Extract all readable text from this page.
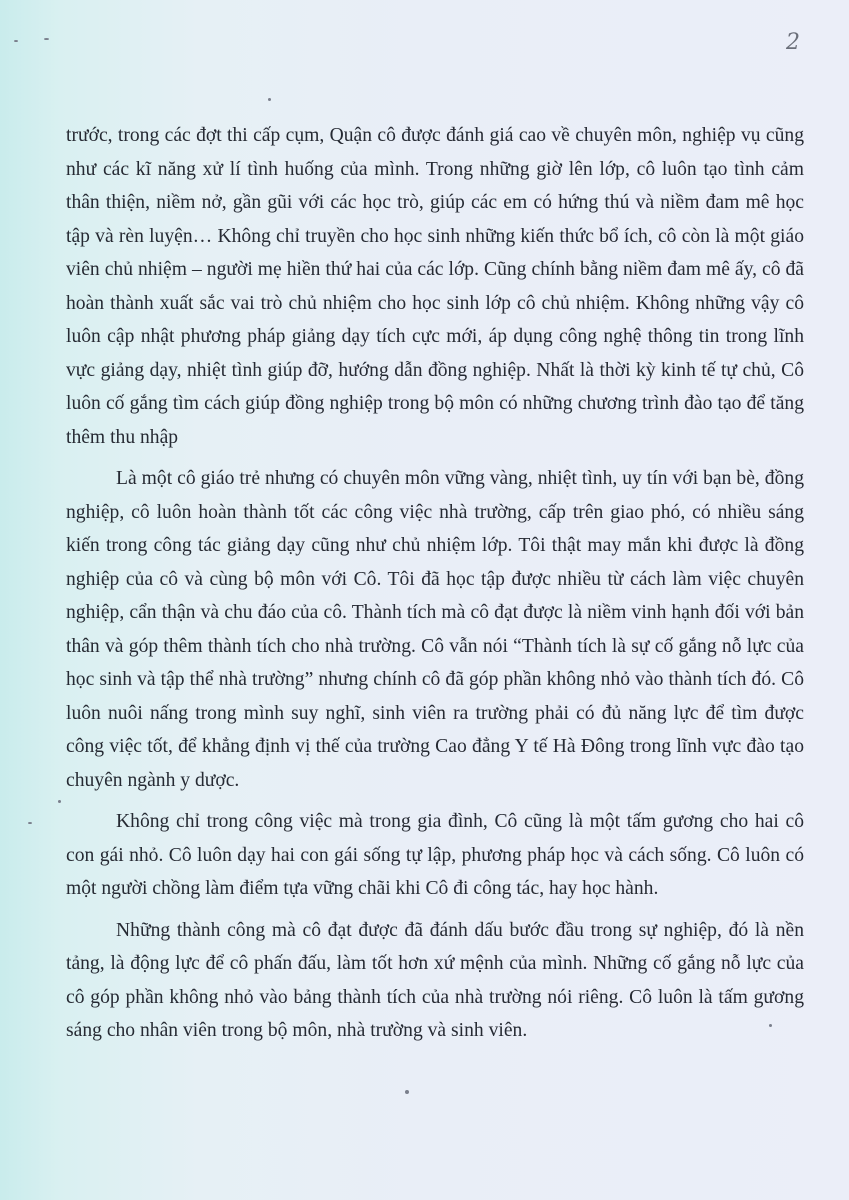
2

trước, trong các đợt thi cấp cụm, Quận cô được đánh giá cao về chuyên môn, nghiệp vụ cũng như các kĩ năng xử lí tình huống của mình. Trong những giờ lên lớp, cô luôn tạo tình cảm thân thiện, niềm nở, gần gũi với các học trò, giúp các em có hứng thú và niềm đam mê học tập và rèn luyện… Không chỉ truyền cho học sinh những kiến thức bổ ích, cô còn là một giáo viên chủ nhiệm – người mẹ hiền thứ hai của các lớp. Cũng chính bằng niềm đam mê ấy, cô đã hoàn thành xuất sắc vai trò chủ nhiệm cho học sinh lớp cô chủ nhiệm. Không những vậy cô luôn cập nhật phương pháp giảng dạy tích cực mới, áp dụng công nghệ thông tin trong lĩnh vực giảng dạy, nhiệt tình giúp đỡ, hướng dẫn đồng nghiệp. Nhất là thời kỳ kinh tế tự chủ, Cô luôn cố gắng tìm cách giúp đồng nghiệp trong bộ môn có những chương trình đào tạo để tăng thêm thu nhập

Là một cô giáo trẻ nhưng có chuyên môn vững vàng, nhiệt tình, uy tín với bạn bè, đồng nghiệp, cô luôn hoàn thành tốt các công việc nhà trường, cấp trên giao phó, có nhiều sáng kiến trong công tác giảng dạy cũng như chủ nhiệm lớp. Tôi thật may mắn khi được là đồng nghiệp của cô và cùng bộ môn với Cô. Tôi đã học tập được nhiều từ cách làm việc chuyên nghiệp, cẩn thận và chu đáo của cô. Thành tích mà cô đạt được là niềm vinh hạnh đối với bản thân và góp thêm thành tích cho nhà trường. Cô vẫn nói “Thành tích là sự cố gắng nỗ lực của học sinh và tập thể nhà trường” nhưng chính cô đã góp phần không nhỏ vào thành tích đó. Cô luôn nuôi nấng trong mình suy nghĩ, sinh viên ra trường phải có đủ năng lực để tìm được công việc tốt, để khẳng định vị thế của trường Cao đẳng Y tế Hà Đông trong lĩnh vực đào tạo chuyên ngành y dược.

Không chỉ trong công việc mà trong gia đình, Cô cũng là một tấm gương cho hai cô con gái nhỏ. Cô luôn dạy hai con gái sống tự lập, phương pháp học và cách sống. Cô luôn có một người chồng làm điểm tựa vững chãi khi Cô đi công tác, hay học hành.

Những thành công mà cô đạt được đã đánh dấu bước đầu trong sự nghiệp, đó là nền tảng, là động lực để cô phấn đấu, làm tốt hơn xứ mệnh của mình. Những cố gắng nỗ lực của cô góp phần không nhỏ vào bảng thành tích của nhà trường nói riêng. Cô luôn là tấm gương sáng cho nhân viên trong bộ môn, nhà trường và sinh viên.
